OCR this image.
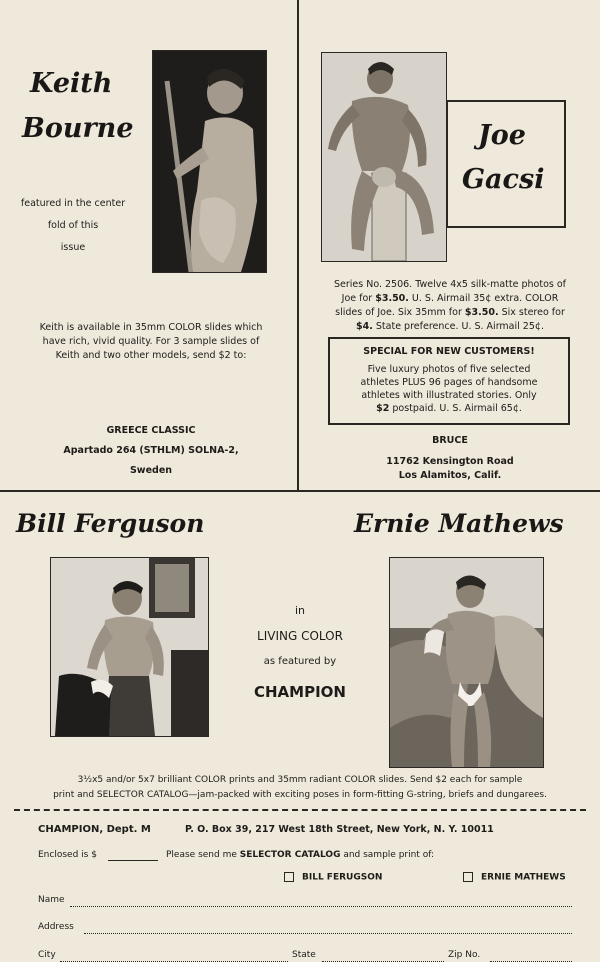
Keith
Bourne
featured in the center
fold of this
issue
Keith is available in 35mm COLOR slides which
have rich, vivid quality. For 3 sample slides of
Keith and two other models, send $2 to:
GREECE CLASSIC
Apartado 264 (STHLM) SOLNA-2,
Sweden
Joe
Gacsi
Series No. 2506. Twelve 4x5 silk-matte photos of
Joe for $3.50. U. S. Airmail 35¢ extra. COLOR
slides of Joe. Six 35mm for $3.50. Six stereo for
$4. State preference. U. S. Airmail 25¢.
SPECIAL FOR NEW CUSTOMERS!
Five luxury photos of five selected
athletes PLUS 96 pages of handsome
athletes with illustrated stories. Only
$2 postpaid. U. S. Airmail 65¢.
BRUCE
11762 Kensington Road
Los Alamitos, Calif.
Bill Ferguson	Ernie Mathews
in
LIVING COLOR
as featured by
CHAMPION
3½x5 and/or 5x7 brilliant COLOR prints and 35mm radiant COLOR slides. Send $2 each for sample
print and SELECTOR CATALOG—jam-packed with exciting poses in form-fitting G-string, briefs and dungarees.
CHAMPION, Dept. M	P. O. Box 39, 217 West 18th Street, New York, N. Y. 10011
Enclosed is $	Please send me SELECTOR CATALOG and sample print of:
BILL FERUGSON	ERNIE MATHEWS
Name
Address
City	State	Zip No.
